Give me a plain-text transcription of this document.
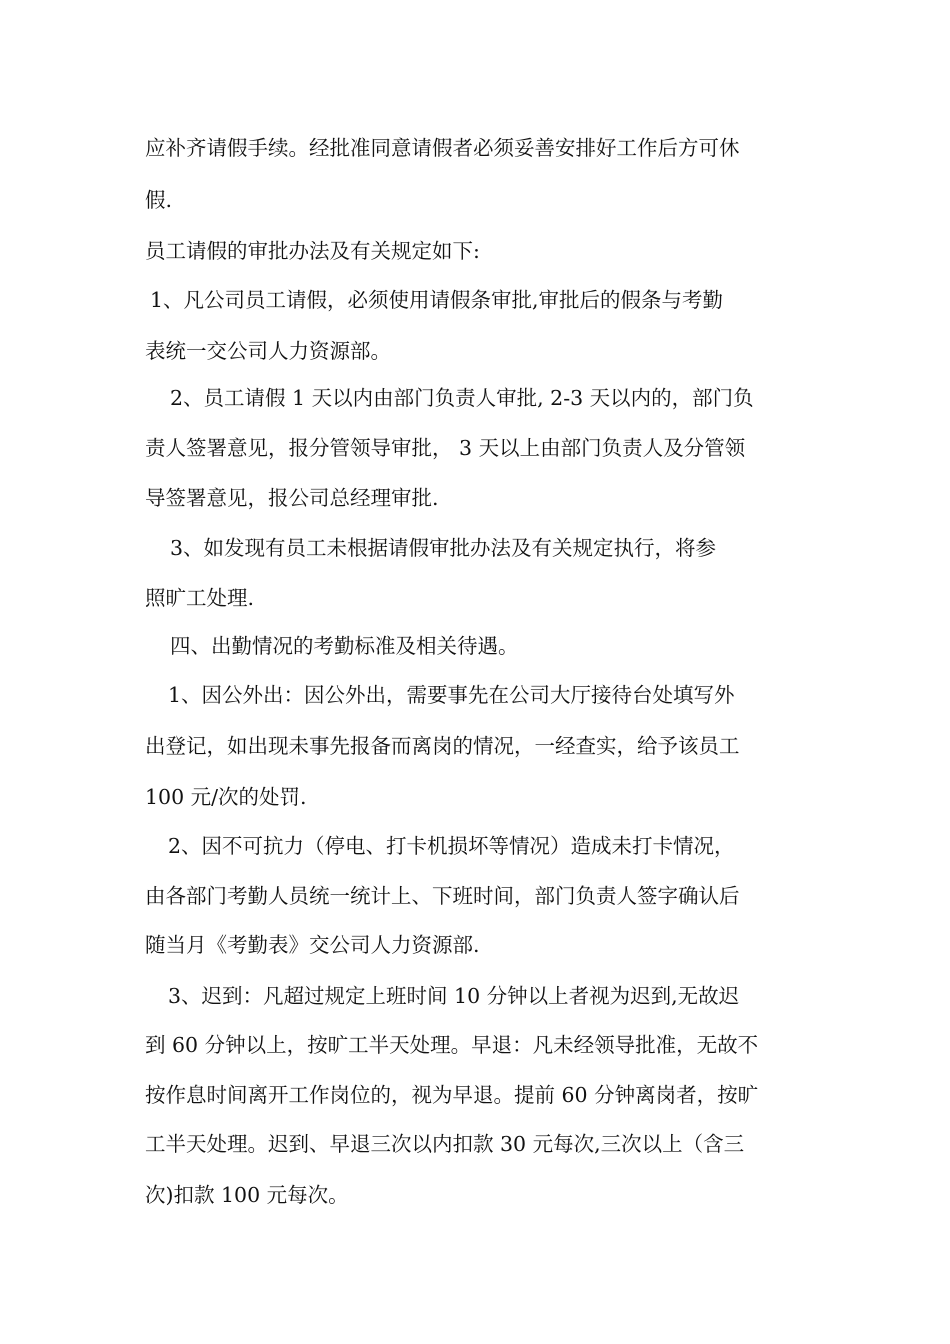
应补齐请假手续。经批准同意请假者必须妥善安排好工作后方可休

假.

员工请假的审批办法及有关规定如下:

1、凡公司员工请假，必须使用请假条审批,审批后的假条与考勤

表统一交公司人力资源部。

2、员工请假 1 天以内由部门负责人审批, 2-3 天以内的，部门负

责人签署意见，报分管领导审批， 3 天以上由部门负责人及分管领

导签署意见，报公司总经理审批.

3、如发现有员工未根据请假审批办法及有关规定执行，将参

照旷工处理.

四、出勤情况的考勤标准及相关待遇。

1、因公外出：因公外出，需要事先在公司大厅接待台处填写外

出登记，如出现未事先报备而离岗的情况，一经查实，给予该员工

100 元/次的处罚.

2、因不可抗力（停电、打卡机损坏等情况）造成未打卡情况，

由各部门考勤人员统一统计上、下班时间，部门负责人签字确认后

随当月《考勤表》交公司人力资源部.

3、迟到：凡超过规定上班时间 10 分钟以上者视为迟到,无故迟

到 60 分钟以上，按旷工半天处理。早退：凡未经领导批准，无故不

按作息时间离开工作岗位的，视为早退。提前 60 分钟离岗者，按旷

工半天处理。迟到、早退三次以内扣款 30 元每次,三次以上（含三

次)扣款 100 元每次。
